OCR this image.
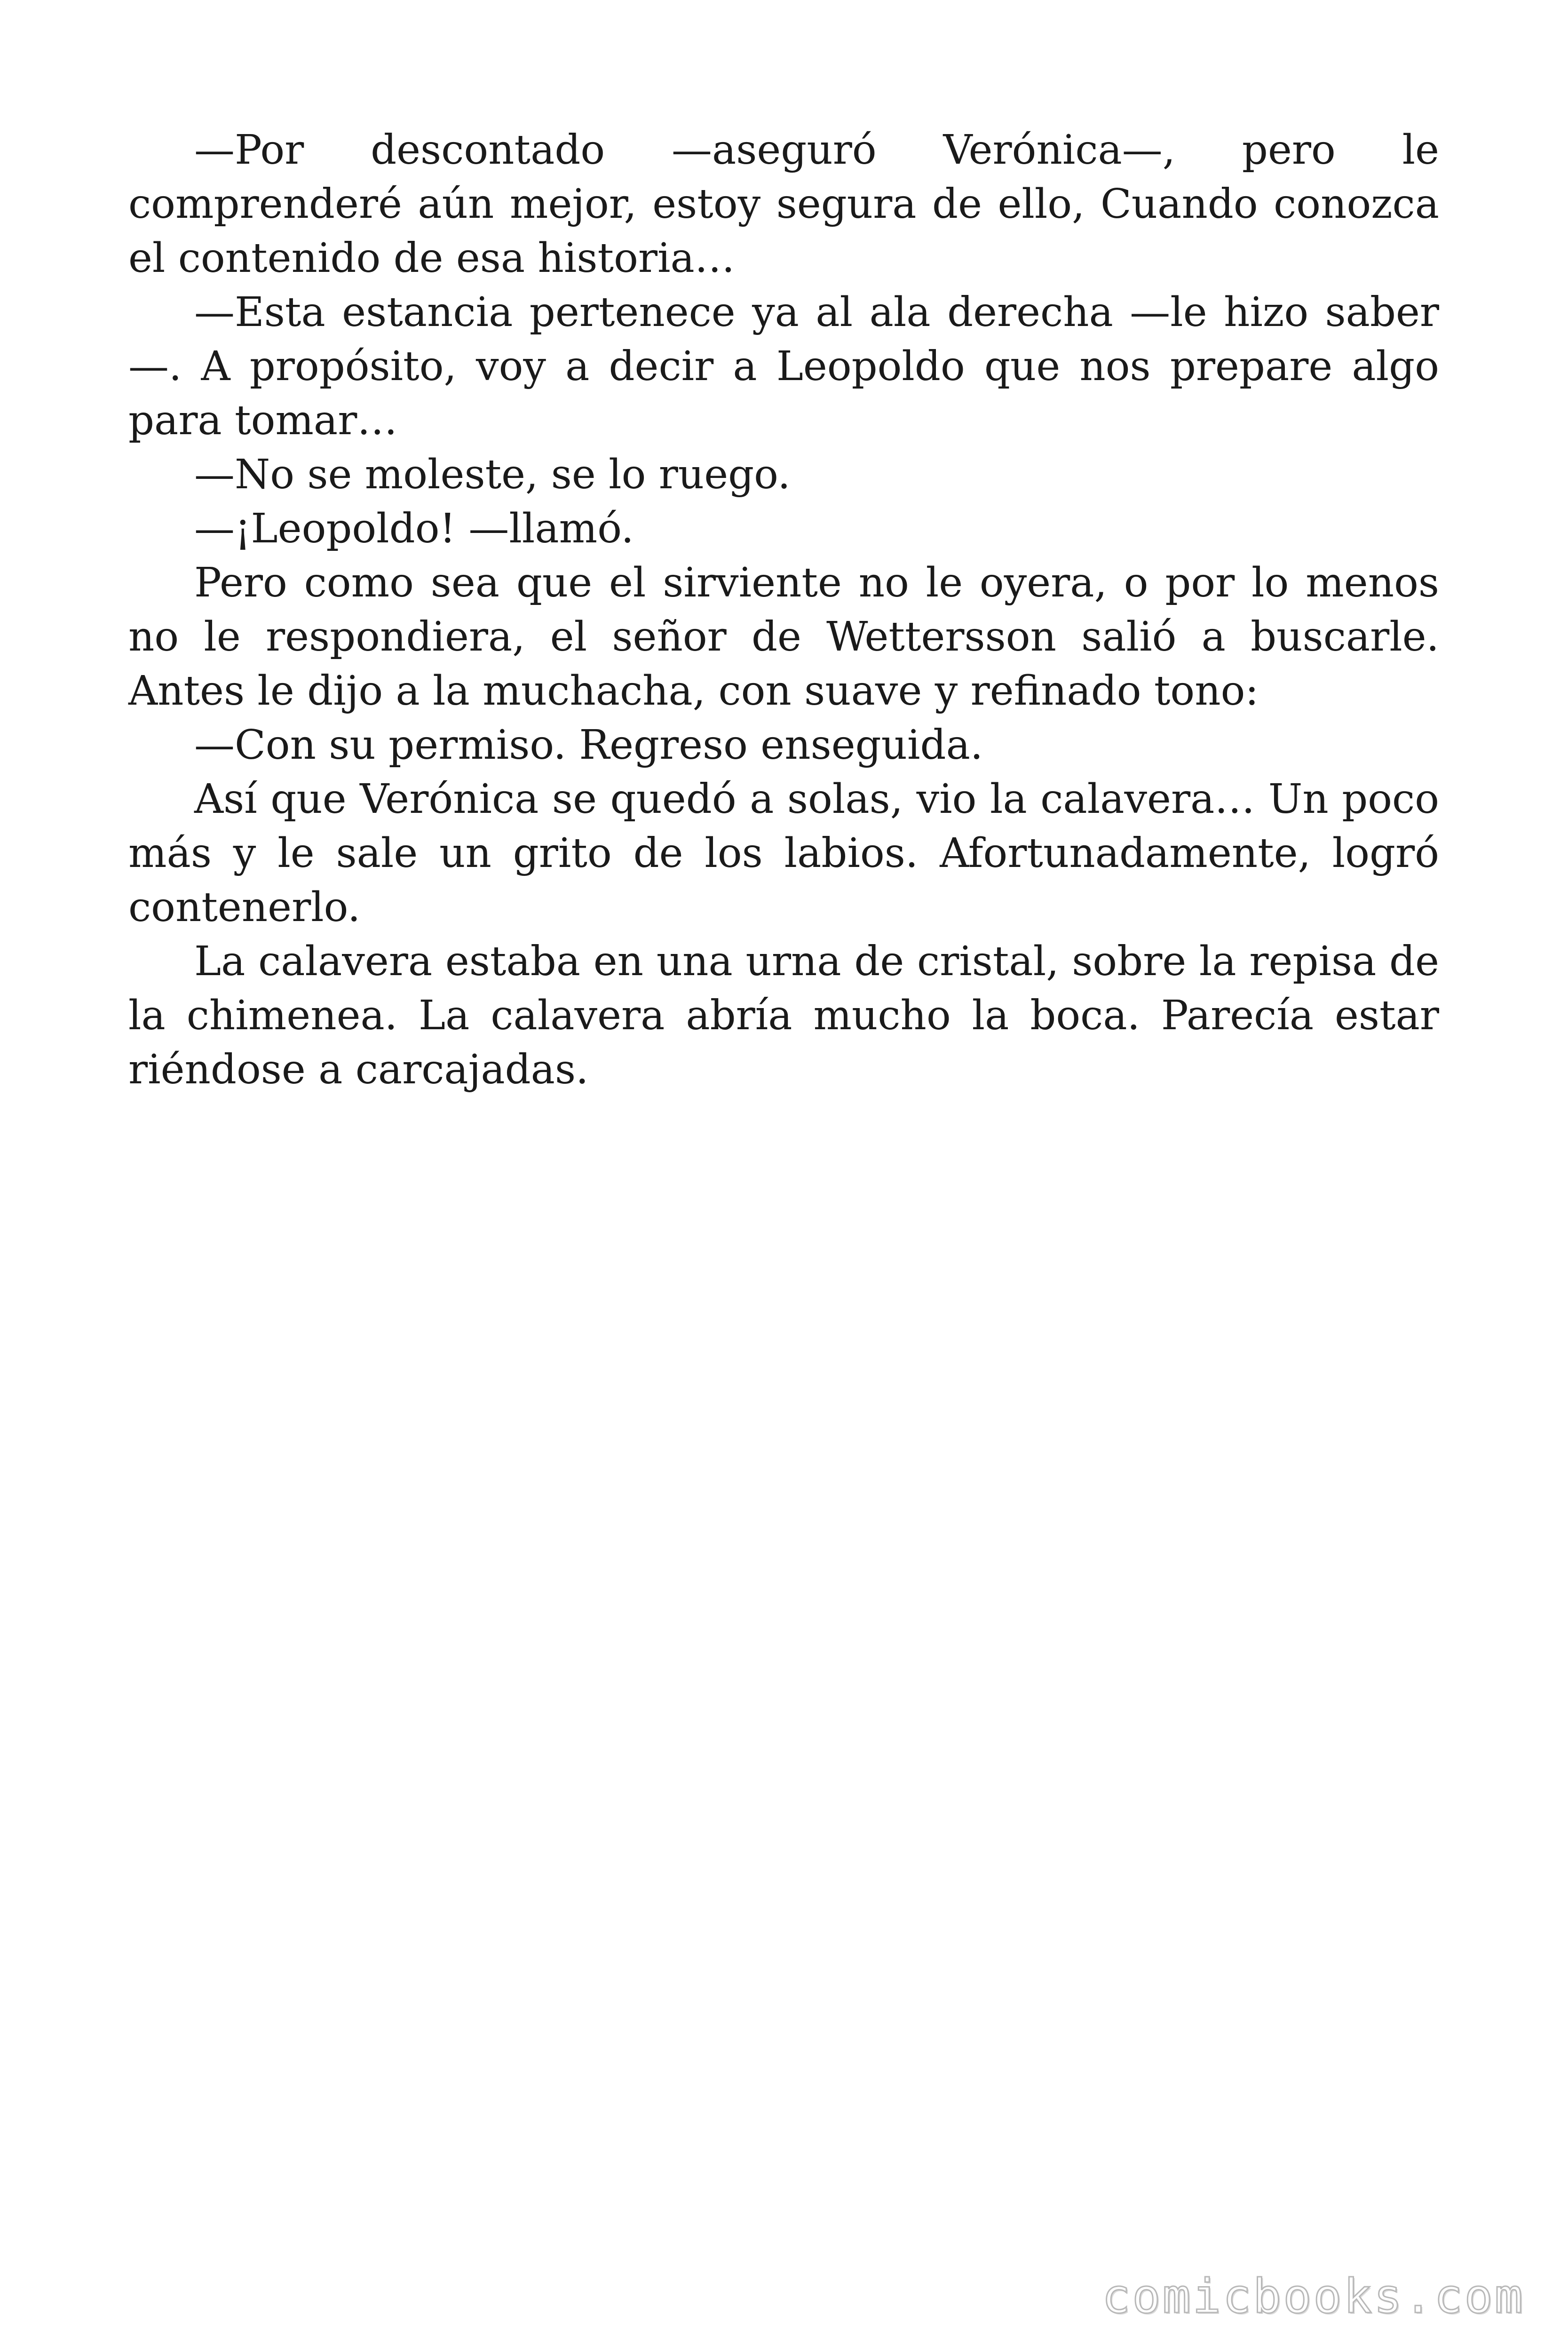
—Por descontado —aseguró Verónica—, pero le comprenderé aún mejor, estoy segura de ello, Cuando conozca el contenido de esa historia…

—Esta estancia pertenece ya al ala derecha —le hizo saber—. A propósito, voy a decir a Leopoldo que nos prepare algo para tomar…

—No se moleste, se lo ruego.

—¡Leopoldo! —llamó.

Pero como sea que el sirviente no le oyera, o por lo menos no le respondiera, el señor de Wettersson salió a buscarle. Antes le dijo a la muchacha, con suave y refinado tono:

—Con su permiso. Regreso enseguida.

Así que Verónica se quedó a solas, vio la calavera… Un poco más y le sale un grito de los labios. Afortunadamente, logró contenerlo.

La calavera estaba en una urna de cristal, sobre la repisa de la chimenea. La calavera abría mucho la boca. Parecía estar riéndose a carcajadas.

comicbooks.com
